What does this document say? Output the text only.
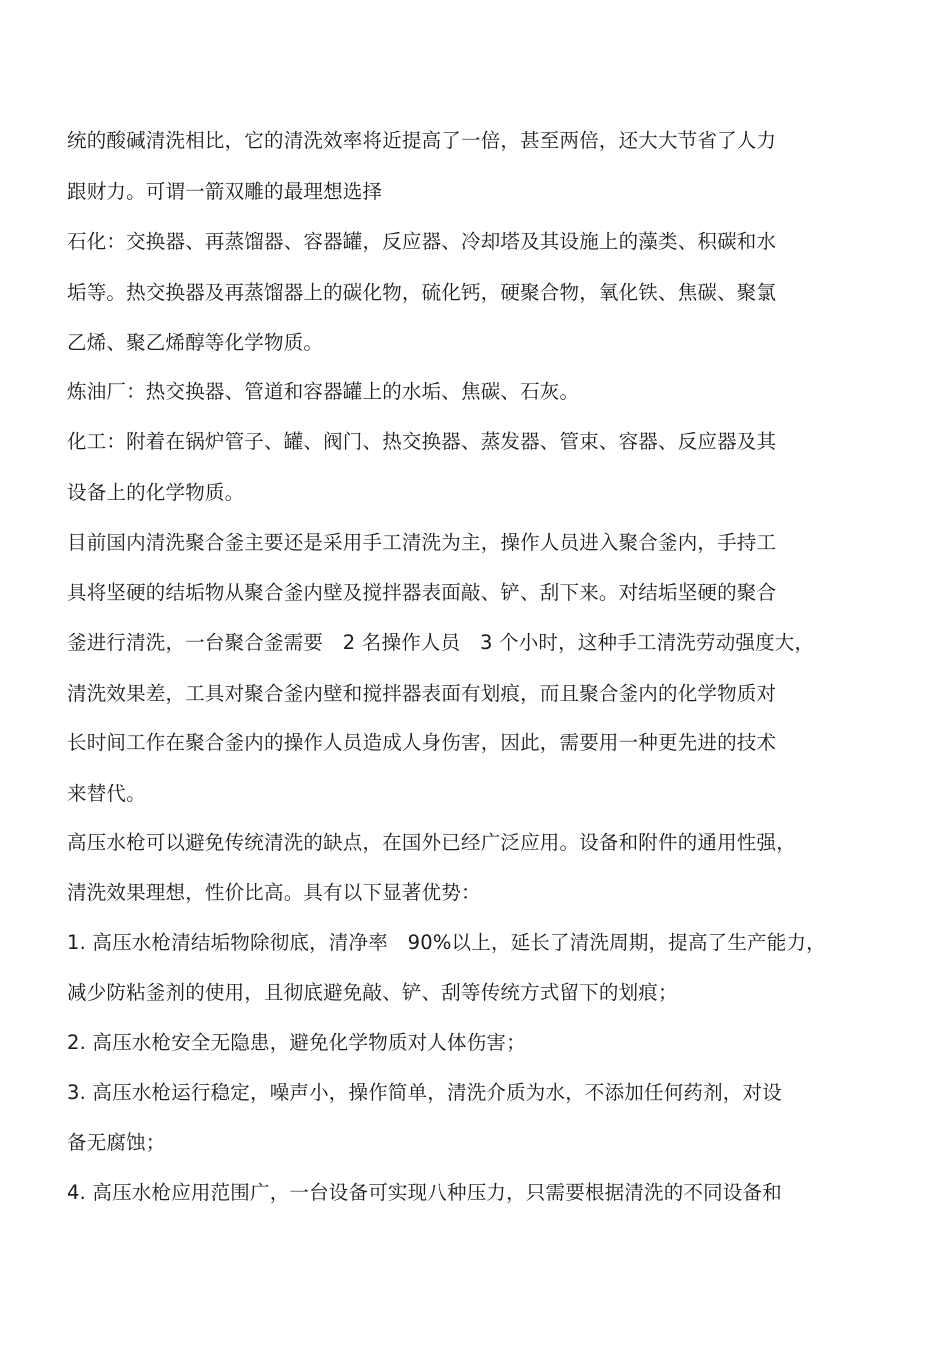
统的酸碱清洗相比，它的清洗效率将近提高了一倍，甚至两倍，还大大节省了人力

跟财力。可谓一箭双雕的最理想选择

石化：交换器、再蒸馏器、容器罐，反应器、冷却塔及其设施上的藻类、积碳和水

垢等。热交换器及再蒸馏器上的碳化物，硫化钙，硬聚合物，氧化铁、焦碳、聚氯

乙烯、聚乙烯醇等化学物质。

炼油厂：热交换器、管道和容器罐上的水垢、焦碳、石灰。

化工：附着在锅炉管子、罐、阀门、热交换器、蒸发器、管束、容器、反应器及其

设备上的化学物质。

目前国内清洗聚合釜主要还是采用手工清洗为主，操作人员进入聚合釜内，手持工

具将坚硬的结垢物从聚合釜内壁及搅拌器表面敲、铲、刮下来。对结垢坚硬的聚合

釜进行清洗，一台聚合釜需要　2 名操作人员　3 个小时，这种手工清洗劳动强度大，

清洗效果差，工具对聚合釜内壁和搅拌器表面有划痕，而且聚合釜内的化学物质对

长时间工作在聚合釜内的操作人员造成人身伤害，因此，需要用一种更先进的技术

来替代。

高压水枪可以避免传统清洗的缺点，在国外已经广泛应用。设备和附件的通用性强，

清洗效果理想，性价比高。具有以下显著优势：

1. 高压水枪清结垢物除彻底，清净率　90%以上，延长了清洗周期，提高了生产能力，

减少防粘釜剂的使用，且彻底避免敲、铲、刮等传统方式留下的划痕；

2. 高压水枪安全无隐患，避免化学物质对人体伤害；

3. 高压水枪运行稳定，噪声小，操作简单，清洗介质为水，不添加任何药剂，对设

备无腐蚀；

4. 高压水枪应用范围广，一台设备可实现八种压力，只需要根据清洗的不同设备和
